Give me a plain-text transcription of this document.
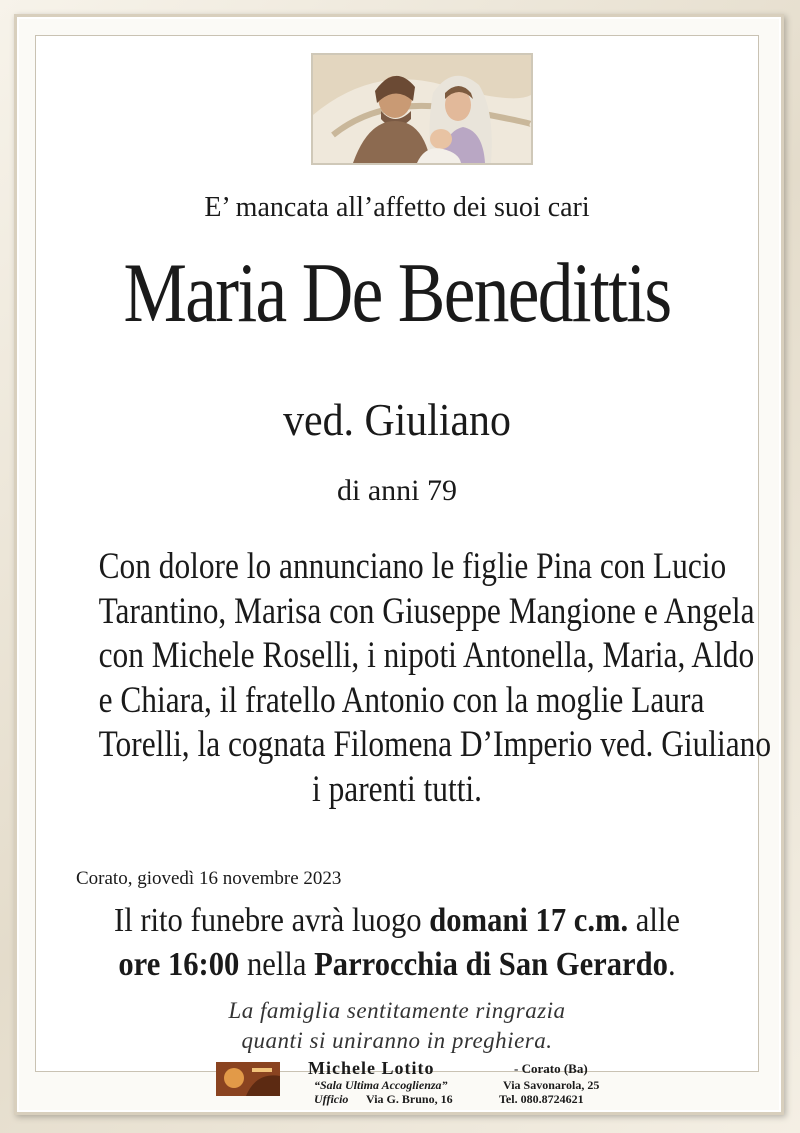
E’ mancata all’affetto dei suoi cari
Maria De Benedittis
ved. Giuliano
di anni 79
Con dolore lo annunciano le figlie Pina con Lucio
Tarantino, Marisa con Giuseppe Mangione e Angela
con Michele Roselli, i nipoti Antonella, Maria, Aldo
e Chiara, il fratello Antonio con la moglie Laura
Torelli, la cognata Filomena D’Imperio ved. Giuliano
i parenti tutti.
Corato, giovedì 16 novembre 2023
Il rito funebre avrà luogo domani 17 c.m. alle
ore 16:00 nella Parrocchia di San Gerardo.
La famiglia sentitamente ringrazia
quanti si uniranno in preghiera.
Michele Lotito	- Corato (Ba)
“Sala Ultima Accoglienza”	Via Savonarola, 25
Ufficio Via G. Bruno, 16	Tel. 080.8724621
